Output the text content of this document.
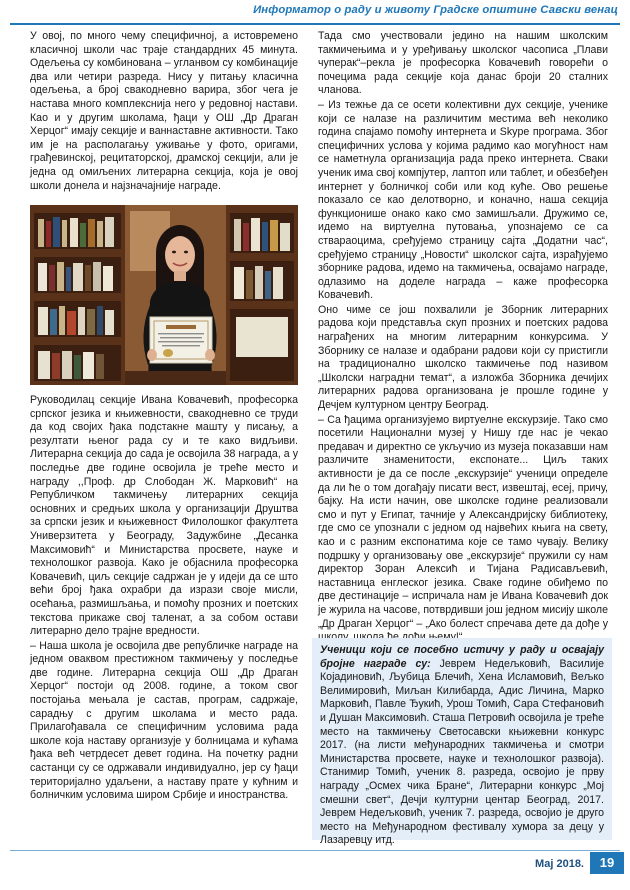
Информатор о раду и животу Градске општине Савски венац

У овој, по много чему специфичној, а истовремено класичној школи час траје стандардних 45 минута. Одељења су комбинована – угланвом су комбинације два или четири разреда. Нису у питању класична одељења, а број свакодневно варира, због чега је настава много комплекснија него у редовној настави. Као и у другим школама, ђаци у ОШ „Др Драган Херцог“ имају секције и ваннаставне активности. Тако им је на располагању уживање у фото, оригами, грађевинској, рецитаторској, драмској секцији, али је једна од омиљених литерарна секција, која је овој школи донела и најзначајније награде.

Руководилац секције Ивана Ковачевић, професорка српског језика и књижевности, свакодневно се труди да код својих ђака подстакне машту у писању, а резултати њеног рада су и те како видљиви. Литерарна секција до сада је освојила 38 награда, а у последње две године освојила је треће место и награду ,,Проф. др Слободан Ж. Марковић“ на Републичком такмичењу литерарних секција основних и средњих школа у организацији Друштва за српски језик и књижевност Филолошког факултета Универзитета у Београду, Задужбине „Десанка Максимовић“ и Министарства просвете, науке и технолошког развоја. Како је објаснила професорка Ковачевић, циљ секције садржан је у идеји да се што већи број ђака охрабри да изрази своје мисли, осећања, размишљања, и помоћу прозних и поетских текстова прикаже свој таленат, а за собом остави литерарно дело трајне вредности.

– Наша школа је освојила две републичке награде на једном оваквом престижном такмичењу у последње две године. Литерарна секција ОШ „Др Драган Херцог“ постоји од 2008. године, а током свог постојања мењала је састав, програм, садржаје, сарадњу с другим школама и место рада. Прилагођавала се специфичним условима рада школе која наставу организује у болницама и кућама ђака већ четрдесет девет година. На почетку радни састанци су се одржавали индивидуално, јер су ђаци територијално удаљени, а наставу прате у кућним и болничким условима широм Србије и иностранства.

Тада смо учествовали једино на нашим школским такмичењима и у уређивању школског часописа „Плави чуперак“–рекла је професорка Ковачевић говорећи о почецима рада секције која данас броји 20 сталних чланова.

– Из тежње да се осети колективни дух секције, ученике који се налазе на различитим местима већ неколико година спајамо помоћу интернета и Skype програма. Због специфичних услова у којима радимо као могућност нам се наметнула организација рада преко интернета. Сваки ученик има свој компјутер, лаптоп или таблет, и обезбеђен интернет у болничкој соби или код куће. Ово решење показало се као делотворно, и коначно, наша секција функционише онако како смо замишљали. Дружимо се, идемо на виртуелна путовања, упознајемо се са ствараоцима, сређујемо страницу сајта „Додатни час“, сређујемо страницу „Новости“ школског сајта, израђујемо зборнике радова, идемо на такмичења, освајамо награде, одлазимо на доделе награда – каже професорка Ковачевић.

Оно чиме се још похвалили је Зборник литерарних радова који представља скуп прозних и поетских радова награђених на многим литерарним конкурсима. У Зборнику се налазе и одабрани радови који су пристигли на традиционално школско такмичење под називом „Школски наградни темат“, а изложба Зборника дечијих литерарних радова организована је прошле године у Дечјем културном центру Београд.

– Са ђацима организујемо виртуелне екскурзије. Тако смо посетили Национални музеј у Нишу где нас је чекао предавач и директно се укључио из музеја показавши нам различите знаменитости, експонате... Циљ таких активности је да се после „екскурзије“ ученици определе да ли ће о том догађају писати вест, извештај, есеј, причу, бајку. На исти начин, ове школске године реализовали смо и пут у Египат, тачније у Александријску библиотеку, где смо се упознали с једном од највећих књига на свету, као и с разним експонатима које се тамо чувају. Велику подршку у организовању ове „екскурзије“ пружили су нам директор Зоран Алексић и Тијана Радисављевић, наставница енглеског језика. Сваке године обиђемо по две дестинације – испричала нам је Ивана Ковачевић док је журила на часове, потврдивши још једном мисију школе „Др Драган Херцог“ – „Ако болест спречава дете да дође у

Ученици који се посебно истичу у раду и освајају бројне награде су: Јеврем Недељковић, Василије Којадиновић, Љубица Блечић, Хена Исламовић, Вељко Велимировић, Миљан Килибарда, Адис Личина, Марко Марковић, Павле Ђукић, Урош Томић, Сара Стефановић и Душан Максимовић. Сташа Петровић освојила је треће место на такмичењу Светосавски књижевни конкурс 2017. (на листи међународних такмичења и смотри Министарства просвете, науке и технолошког развоја). Станимир Томић, ученик 8. разреда, освојио је прву награду „Осмех чика Бране“, Литерарни конкурс „Мој смешни свет“, Дечји културни центар Београд, 2017. Јеврем Недељковић, ученик 7. разреда, освојио је друго место на Међународном фестивалу хумора за децу у Лазаревцу итд.
Мај 2018.	19
